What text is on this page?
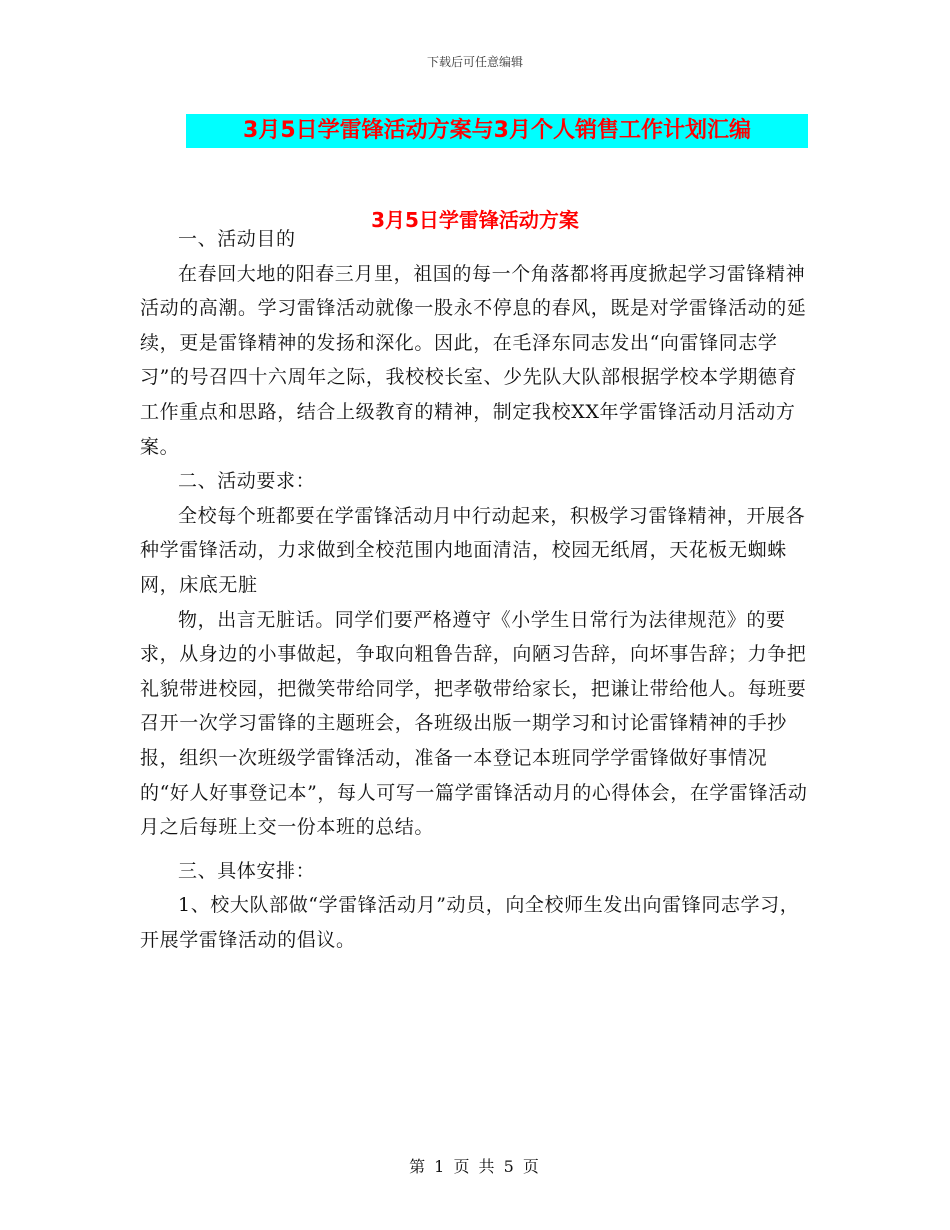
下载后可任意编辑
3月5日学雷锋活动方案与3月个人销售工作计划汇编
3月5日学雷锋活动方案

一、活动目的

在春回大地的阳春三月里，祖国的每一个角落都将再度掀起学习雷锋精神活动的高潮。学习雷锋活动就像一股永不停息的春风，既是对学雷锋活动的延续，更是雷锋精神的发扬和深化。因此，在毛泽东同志发出“向雷锋同志学习”的号召四十六周年之际，我校校长室、少先队大队部根据学校本学期德育工作重点和思路，结合上级教育的精神，制定我校XX年学雷锋活动月活动方案。

二、活动要求：

全校每个班都要在学雷锋活动月中行动起来，积极学习雷锋精神，开展各种学雷锋活动，力求做到全校范围内地面清洁，校园无纸屑，天花板无蜘蛛网，床底无脏

物，出言无脏话。同学们要严格遵守《小学生日常行为法律规范》的要求，从身边的小事做起，争取向粗鲁告辞，向陋习告辞，向坏事告辞；力争把礼貌带进校园，把微笑带给同学，把孝敬带给家长，把谦让带给他人。每班要召开一次学习雷锋的主题班会，各班级出版一期学习和讨论雷锋精神的手抄报，组织一次班级学雷锋活动，准备一本登记本班同学学雷锋做好事情况的“好人好事登记本”，每人可写一篇学雷锋活动月的心得体会，在学雷锋活动月之后每班上交一份本班的总结。

三、具体安排：

1、校大队部做“学雷锋活动月”动员，向全校师生发出向雷锋同志学习，开展学雷锋活动的倡议。

第 1 页 共 5 页
